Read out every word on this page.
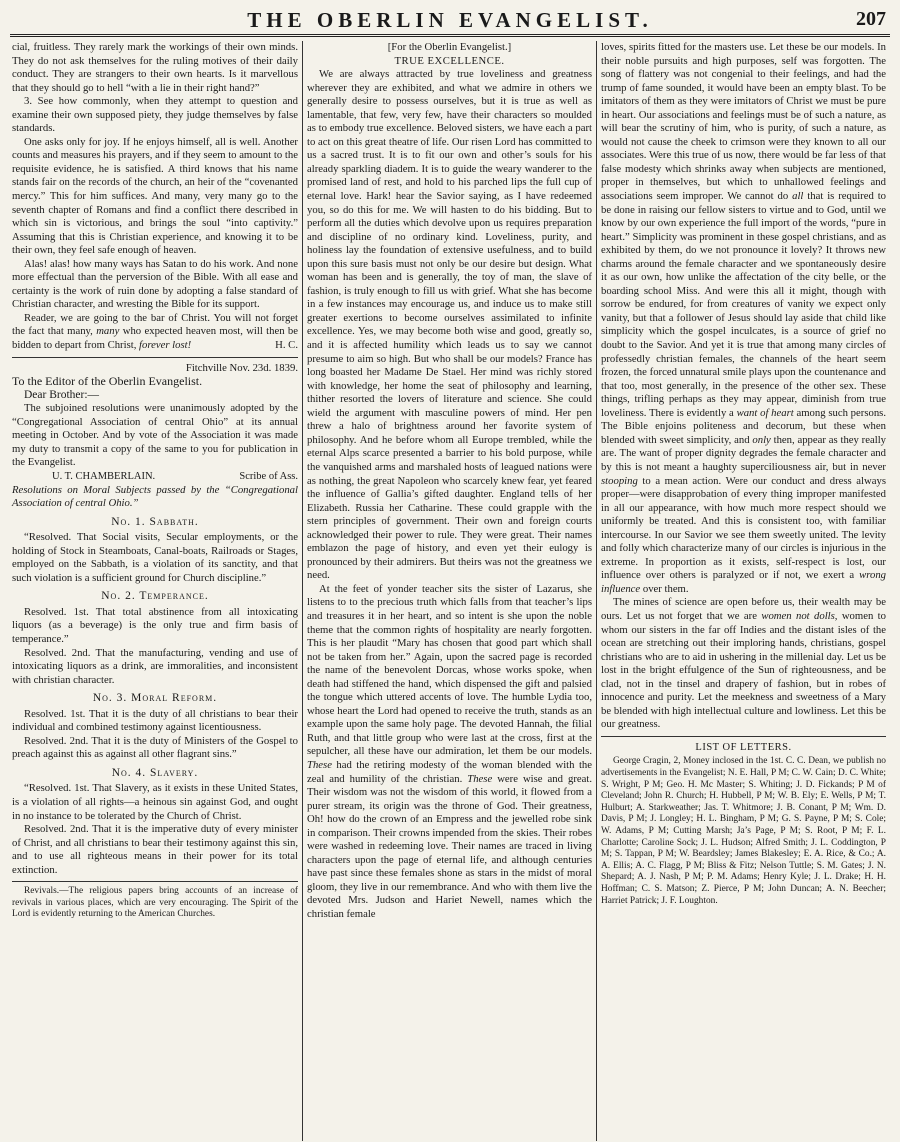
THE OBERLIN EVANGELIST.	207

cial, fruitless. They rarely mark the workings of their own minds. They do not ask themselves for the ruling motives of their daily conduct. They are strangers to their own hearts. Is it marvellous that they should go to hell “with a lie in their right hand?”

3. See how commonly, when they attempt to question and examine their own supposed piety, they judge themselves by false standards.

One asks only for joy. If he enjoys himself, all is well. Another counts and measures his prayers, and if they seem to amount to the requisite evidence, he is satisfied. A third knows that his name stands fair on the records of the church, an heir of the “covenanted mercy.” This for him suffices. And many, very many go to the seventh chapter of Romans and find a conflict there described in which sin is victorious, and brings the soul “into captivity.” Assuming that this is Christian experience, and knowing it to be their own, they feel safe enough of heaven.

Alas! alas! how many ways has Satan to do his work. And none more effectual than the perversion of the Bible. With all ease and certainty is the work of ruin done by adopting a false standard of Christian character, and wresting the Bible for its support.

Reader, we are going to the bar of Christ. You will not forget the fact that many, many who expected heaven most, will then be bidden to depart from Christ, forever lost!	H. C.

Fitchville Nov. 23d. 1839.

To the Editor of the Oberlin Evangelist.

Dear Brother:—

The subjoined resolutions were unanimously adopted by the “Congregational Association of central Ohio” at its annual meeting in October. And by vote of the Association it was made my duty to transmit a copy of the same to you for publication in the Evangelist.

U. T. CHAMBERLAIN.	Scribe of Ass.

Resolutions on Moral Subjects passed by the “Congregational Association of central Ohio.”

No. 1. Sabbath.

“Resolved. That Social visits, Secular employments, or the holding of Stock in Steamboats, Canal-boats, Railroads or Stages, employed on the Sabbath, is a violation of its sanctity, and that such violation is a sufficient ground for Church discipline.”

No. 2. Temperance.

Resolved. 1st. That total abstinence from all intoxicating liquors (as a beverage) is the only true and firm basis of temperance.”

Resolved. 2nd. That the manufacturing, vending and use of intoxicating liquors as a drink, are immoralities, and inconsistent with christian character.

No. 3. Moral Reform.

Resolved. 1st. That it is the duty of all christians to bear their individual and combined testimony against licentiousness.

Resolved. 2nd. That it is the duty of Ministers of the Gospel to preach against this as against all other flagrant sins.”

No. 4. Slavery.

“Resolved. 1st. That Slavery, as it exists in these United States, is a violation of all rights—a heinous sin against God, and ought in no instance to be tolerated by the Church of Christ.

Resolved. 2nd. That it is the imperative duty of every minister of Christ, and all christians to bear their testimony against this sin, and to use all righteous means in their power for its total extinction.

Revivals.—The religious papers bring accounts of an increase of revivals in various places, which are very encouraging. The Spirit of the Lord is evidently returning to the American Churches.

[For the Oberlin Evangelist.]

TRUE EXCELLENCE.

We are always attracted by true loveliness and greatness wherever they are exhibited, and what we admire in others we generally desire to possess ourselves, but it is true as well as lamentable, that few, very few, have their characters so moulded as to embody true excellence. Beloved sisters, we have each a part to act on this great theatre of life. Our risen Lord has committed to us a sacred trust. It is to fit our own and other’s souls for his already sparkling diadem. It is to guide the weary wanderer to the promised land of rest, and hold to his parched lips the full cup of eternal love. Hark! hear the Savior saying, as I have redeemed you, so do this for me. We will hasten to do his bidding. But to perform all the duties which devolve upon us requires preparation and discipline of no ordinary kind. Loveliness, purity, and holiness lay the foundation of extensive usefulness, and to build upon this sure basis must not only be our desire but design. What woman has been and is generally, the toy of man, the slave of fashion, is truly enough to fill us with grief. What she has become in a few instances may encourage us, and induce us to make still greater exertions to become ourselves assimilated to infinite excellence. Yes, we may become both wise and good, greatly so, and it is affected humility which leads us to say we cannot presume to aim so high. But who shall be our models? France has long boasted her Madame De Stael. Her mind was richly stored with knowledge, her home the seat of philosophy and learning, thither resorted the lovers of literature and science. She could wield the argument with masculine powers of mind. Her pen threw a halo of brightness around her favorite system of philosophy. And he before whom all Europe trembled, while the eternal Alps scarce presented a barrier to his bold purpose, while the vanquished arms and marshaled hosts of leagued nations were as nothing, the great Napoleon who scarcely knew fear, yet feared the influence of Gallia’s gifted daughter. England tells of her Elizabeth. Russia her Catharine. These could grapple with the stern principles of government. Their own and foreign courts acknowledged their power to rule. They were great. Their names emblazon the page of history, and even yet their eulogy is pronounced by their admirers. But theirs was not the greatness we need.

At the feet of yonder teacher sits the sister of Lazarus, she listens to to the precious truth which falls from that teacher’s lips and treasures it in her heart, and so intent is she upon the noble theme that the common rights of hospitality are nearly forgotten. This is her plaudit “Mary has chosen that good part which shall not be taken from her.” Again, upon the sacred page is recorded the name of the benevolent Dorcas, whose works spoke, when death had stiffened the hand, which dispensed the gift and palsied the tongue which uttered accents of love. The humble Lydia too, whose heart the Lord had opened to receive the truth, stands as an example upon the same holy page. The devoted Hannah, the filial Ruth, and that little group who were last at the cross, first at the sepulcher, all these have our admiration, let them be our models. These had the retiring modesty of the woman blended with the zeal and humility of the christian. These were wise and great. Their wisdom was not the wisdom of this world, it flowed from a purer stream, its origin was the throne of God. Their greatness, Oh! how do the crown of an Empress and the jewelled robe sink in comparison. Their crowns impended from the skies. Their robes were washed in redeeming love. Their names are traced in living characters upon the page of eternal life, and although centuries have past since these females shone as stars in the midst of moral gloom, they live in our remembrance. And who with them live the devoted Mrs. Judson and Hariet Newell, names which the christian female

loves, spirits fitted for the masters use. Let these be our models. In their noble pursuits and high purposes, self was forgotten. The song of flattery was not congenial to their feelings, and had the trump of fame sounded, it would have been an empty blast. To be imitators of them as they were imitators of Christ we must be pure in heart. Our associations and feelings must be of such a nature, as will bear the scrutiny of him, who is purity, of such a nature, as would not cause the cheek to crimson were they known to all our associates. Were this true of us now, there would be far less of that false modesty which shrinks away when subjects are mentioned, proper in themselves, but which to unhallowed feelings and associations seem improper. We cannot do all that is required to be done in raising our fellow sisters to virtue and to God, until we know by our own experience the full import of the words, “pure in heart.” Simplicity was prominent in these gospel christians, and as exhibited by them, do we not pronounce it lovely? It throws new charms around the female character and we spontaneously desire it as our own, how unlike the affectation of the city belle, or the boarding school Miss. And were this all it might, though with sorrow be endured, for from creatures of vanity we expect only vanity, but that a follower of Jesus should lay aside that child like simplicity which the gospel inculcates, is a source of grief no doubt to the Savior. And yet it is true that among many circles of professedly christian females, the channels of the heart seem frozen, the forced unnatural smile plays upon the countenance and that too, most generally, in the presence of the other sex. These things, trifling perhaps as they may appear, diminish from true loveliness. There is evidently a want of heart among such persons. The Bible enjoins politeness and decorum, but these when blended with sweet simplicity, and only then, appear as they really are. The want of proper dignity degrades the female character and by this is not meant a haughty superciliousness air, but in never stooping to a mean action. Were our conduct and dress always proper—were disapprobation of every thing improper manifested in all our appearance, with how much more respect should we uniformly be treated. And this is consistent too, with familiar intercourse. In our Savior we see them sweetly united. The levity and folly which characterize many of our circles is injurious in the extreme. In proportion as it exists, self-respect is lost, our influence over others is paralyzed or if not, we exert a wrong influence over them.

The mines of science are open before us, their wealth may be ours. Let us not forget that we are women not dolls, women to whom our sisters in the far off Indies and the distant isles of the ocean are stretching out their imploring hands, christians, gospel christians who are to aid in ushering in the millenial day. Let us be lost in the bright effulgence of the Sun of righteousness, and be clad, not in the tinsel and drapery of fashion, but in robes of innocence and purity. Let the meekness and sweetness of a Mary be blended with high intellectual culture and lowliness. Let this be our greatness.

LIST OF LETTERS.

George Cragin, 2, Money inclosed in the 1st. C. C. Dean, we publish no advertisements in the Evangelist; N. E. Hall, P M; C. W. Cain; D. C. White; S. Wright, P M; Geo. H. Mc Master; S. Whiting; J. D. Fickands; P M of Cleveland; John R. Church; H. Hubbell, P M; W. B. Ely; E. Wells, P M; T. Hulburt; A. Starkweather; Jas. T. Whitmore; J. B. Conant, P M; Wm. D. Davis, P M; J. Longley; H. L. Bingham, P M; G. S. Payne, P M; S. Cole; W. Adams, P M; Cutting Marsh; Ja’s Page, P M; S. Root, P M; F. L. Charlotte; Caroline Sock; J. L. Hudson; Alfred Smith; J. L. Coddington, P M; S. Tappan, P M; W. Beardsley; James Blakesley; E. A. Rice, & Co.; A. A. Ellis; A. C. Flagg, P M; Bliss & Fitz; Nelson Tuttle; S. M. Gates; J. N. Shepard; A. J. Nash, P M; P. M. Adams; Henry Kyle; J. L. Drake; H. H. Hoffman; C. S. Matson; Z. Pierce, P M; John Duncan; A. N. Beecher; Harriet Patrick; J. F. Loughton.
